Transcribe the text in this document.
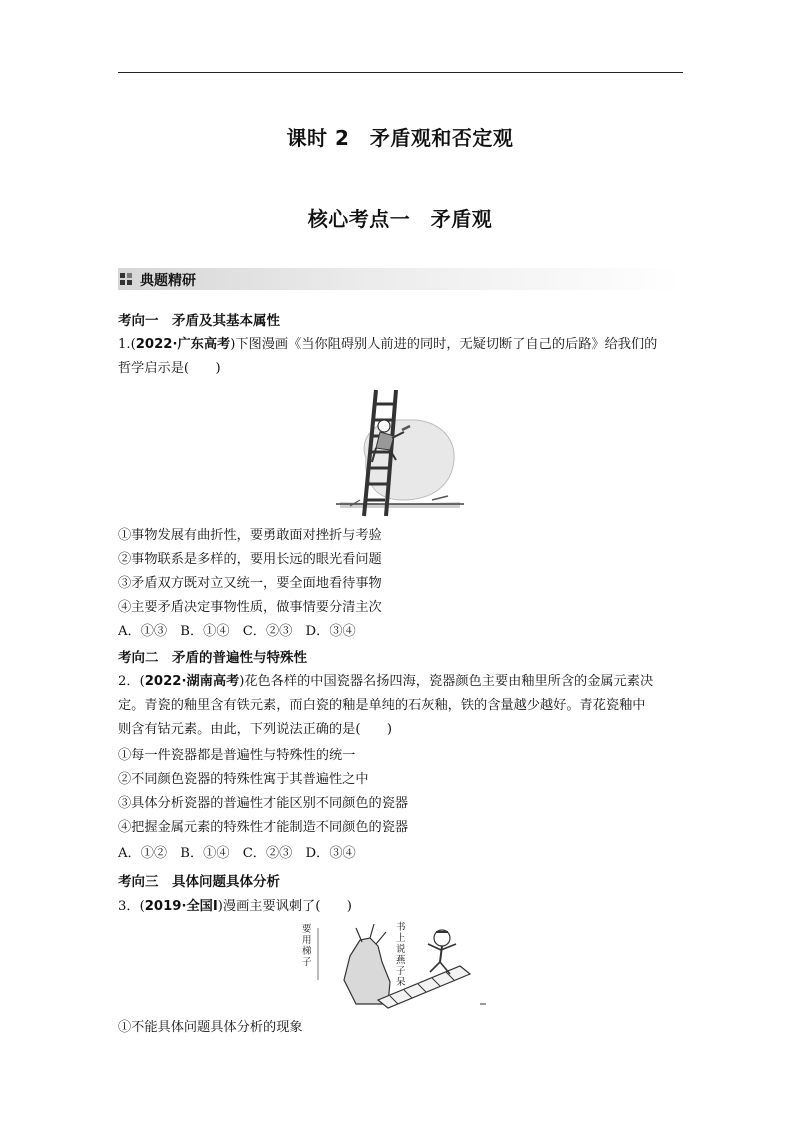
课时 2　矛盾观和否定观
核心考点一　矛盾观
典题精研
考向一　矛盾及其基本属性
1.(2022·广东高考)下图漫画《当你阻碍别人前进的同时，无疑切断了自己的后路》给我们的
哲学启示是(　　)
①事物发展有曲折性，要勇敢面对挫折与考验
②事物联系是多样的，要用长远的眼光看问题
③矛盾双方既对立又统一，要全面地看待事物
④主要矛盾决定事物性质，做事情要分清主次
A．①③　B．①④　C．②③　D．③④
考向二　矛盾的普遍性与特殊性
2．(2022·湖南高考)花色各样的中国瓷器名扬四海，瓷器颜色主要由釉里所含的金属元素决
定。青瓷的釉里含有铁元素，而白瓷的釉是单纯的石灰釉，铁的含量越少越好。青花瓷釉中
则含有钴元素。由此，下列说法正确的是(　　)
①每一件瓷器都是普遍性与特殊性的统一
②不同颜色瓷器的特殊性寓于其普遍性之中
③具体分析瓷器的普遍性才能区别不同颜色的瓷器
④把握金属元素的特殊性才能制造不同颜色的瓷器
A．①②　B．①④　C．②③　D．③④
考向三　具体问题具体分析
3．(2019·全国Ⅰ)漫画主要讽刺了(　　)
要用梯子
书上说燕子呆
①不能具体问题具体分析的现象
